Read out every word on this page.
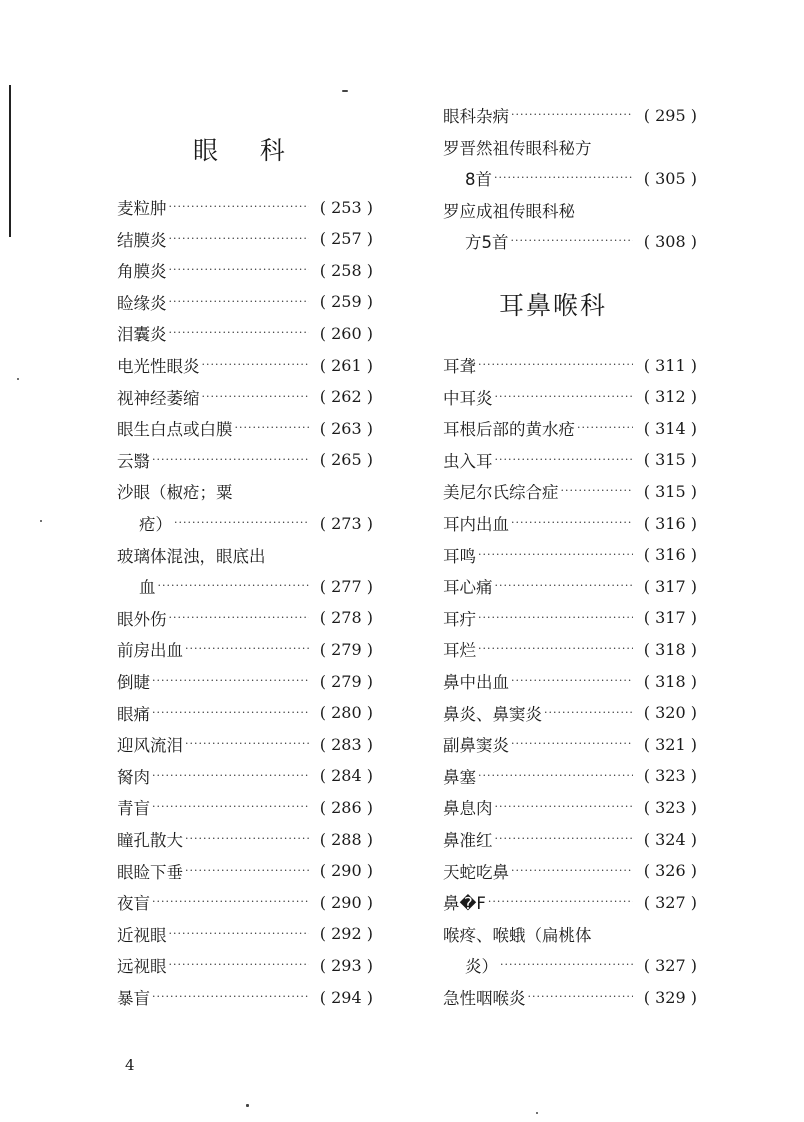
眼    科
麦粒肿 ·····	( 253 )
结膜炎 ·····	( 257 )
角膜炎 ·····	( 258 )
睑缘炎 ·····	( 259 )
泪囊炎 ·····	( 260 )
电光性眼炎 ·····	( 261 )
视神经萎缩 ·····	( 262 )
眼生白点或白膜 ·····	( 263 )
云翳 ·····	( 265 )
沙眼（椒疮；粟
疮） ·····	( 273 )
玻璃体混浊，眼底出
血 ·····	( 277 )
眼外伤 ·····	( 278 )
前房出血 ·····	( 279 )
倒睫 ·····	( 279 )
眼痛 ·····	( 280 )
迎风流泪 ·····	( 283 )
胬肉 ·····	( 284 )
青盲 ·····	( 286 )
瞳孔散大 ·····	( 288 )
眼睑下垂 ·····	( 290 )
夜盲 ·····	( 290 )
近视眼 ·····	( 292 )
远视眼 ·····	( 293 )
暴盲 ·····	( 294 )
眼科杂病 ·····	( 295 )
罗晋然祖传眼科秘方
8首 ·····	( 305 )
罗应成祖传眼科秘
方5首 ·····	( 308 )
耳鼻喉科
耳聋 ·····	( 311 )
中耳炎 ·····	( 312 )
耳根后部的黄水疮 ·····	( 314 )
虫入耳 ·····	( 315 )
美尼尔氏综合症 ·····	( 315 )
耳内出血 ·····	( 316 )
耳鸣 ·····	( 316 )
耳心痛 ·····	( 317 )
耳疔 ·····	( 317 )
耳烂 ·····	( 318 )
鼻中出血 ·····	( 318 )
鼻炎、鼻窦炎 ·····	( 320 )
副鼻窦炎 ·····	( 321 )
鼻塞 ·····	( 323 )
鼻息肉 ·····	( 323 )
鼻准红 ·····	( 324 )
天蛇吃鼻 ·····	( 326 )
鼻�F ·····	( 327 )
喉疼、喉蛾（扁桃体
炎） ·····	( 327 )
急性咽喉炎 ·····	( 329 )
4
